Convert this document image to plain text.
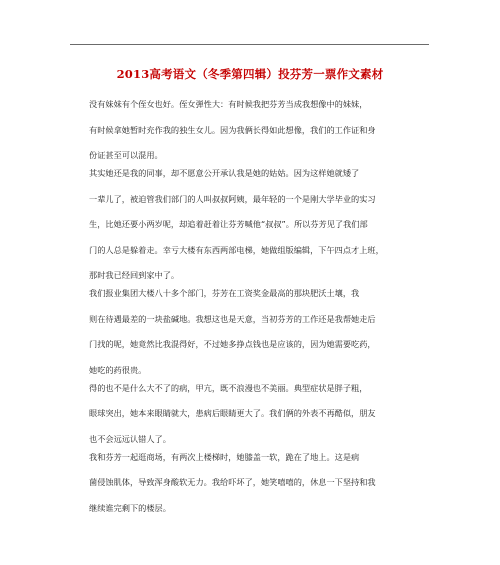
2013高考语文（冬季第四辑）投芬芳一票作文素材
没有妹妹有个侄女也好。侄女弹性大：有时候我把芬芳当成我想像中的妹妹，
有时候拿她暂时充作我的独生女儿。因为我俩长得如此想像，我们的工作证和身
份证甚至可以混用。
其实她还是我的同事，却不愿意公开承认我是她的姑姑。因为这样她就矮了
一辈儿了，被迫管我们部门的人叫叔叔阿姨，最年轻的一个是刚大学毕业的实习
生，比她还要小两岁呢，却追着赶着让芬芳喊他“叔叔”。所以芬芳见了我们部
门的人总是躲着走。幸亏大楼有东西两部电梯，她做组版编辑，下午四点才上班，
那时我已经回到家中了。
我们报业集团大楼八十多个部门，芬芳在工资奖金最高的那块肥沃土壤，我
则在待遇最差的一块盐碱地。我想这也是天意，当初芬芳的工作还是我帮她走后
门找的呢，她竟然比我混得好，不过她多挣点钱也是应该的，因为她需要吃药，
她吃的药很贵。
得的也不是什么大不了的病，甲亢，既不浪漫也不美丽。典型症状是胖子粗，
眼球突出，她本来眼睛就大，患病后眼睛更大了。我们俩的外表不再酷似，朋友
也不会远远认错人了。
我和芬芳一起逛商场，有两次上楼梯时，她膝盖一软，跪在了地上。这是病
菌侵蚀肌体，导致浑身酸软无力。我给吓坏了，她笑嘻嘻的，休息一下坚持和我
继续谁完剩下的楼层。
